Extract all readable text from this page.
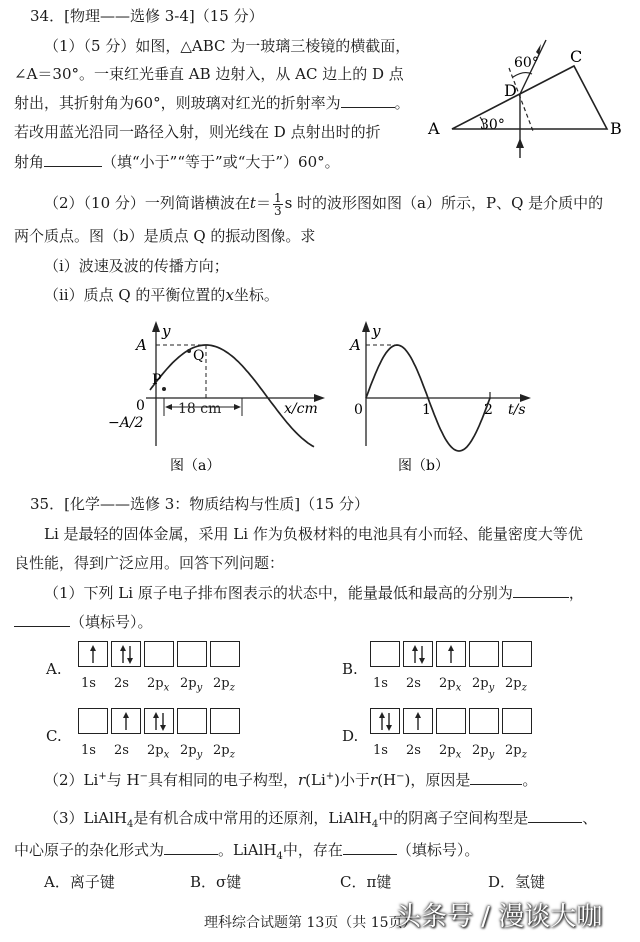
34．[物理——选修 3-4]（15 分）
（1）（5 分）如图，△ABC 为一玻璃三棱镜的横截面，
∠A＝30°。一束红光垂直 AB 边射入，从 AC 边上的 D 点
射出，其折射角为60°，则玻璃对红光的折射率为	。
若改用蓝光沿同一路径入射，则光线在 D 点射出时的折
射角	（填“小于”“等于”或“大于”）60°。
A	B
C
D
30°
60°
（2）（10 分）一列简谐横波在$t= \frac{1}{3}$ s 时的波形图如图（a）所示，P、Q 是介质中的
两个质点。图（b）是质点 Q 的振动图像。求
（i）波速及波的传播方向；
（ii）质点 Q 的平衡位置的x坐标。
y
A
−A/2
0
P
Q
18 cm	x/cm
图（a）
y
A
0	1	2 t/s
图（b）
35．[化学——选修 3：物质结构与性质]（15 分）
Li 是最轻的固体金属，采用 Li 作为负极材料的电池具有小而轻、能量密度大等优
良性能，得到广泛应用。回答下列问题：
（1）下列 Li 原子电子排布图表示的状态中，能量最低和最高的分别为	，
（填标号）。
A.
1s 2s $2p_x$ $2p_y$ $2p_z$
B.
1s 2s $2p_x$ $2p_y$ $2p_z$
C.
1s 2s $2p_x$ $2p_y$ $2p_z$
D.
1s 2s $2p_x$ $2p_y$ $2p_z$
（2）Li+与 H−具有相同的电子构型，r(Li+)小于r(H−)，原因是	。
（3）LiAlH$_4$是有机合成中常用的还原剂，LiAlH$_4$中的阴离子空间构型是	、
中心原子的杂化形式为	。LiAlH$_4$中，存在	（填标号）。
A．离子键	B．σ键	C．π键	D．氢键
理科综合试题第 13页（共 15页）
头条号 / 漫谈大咖
